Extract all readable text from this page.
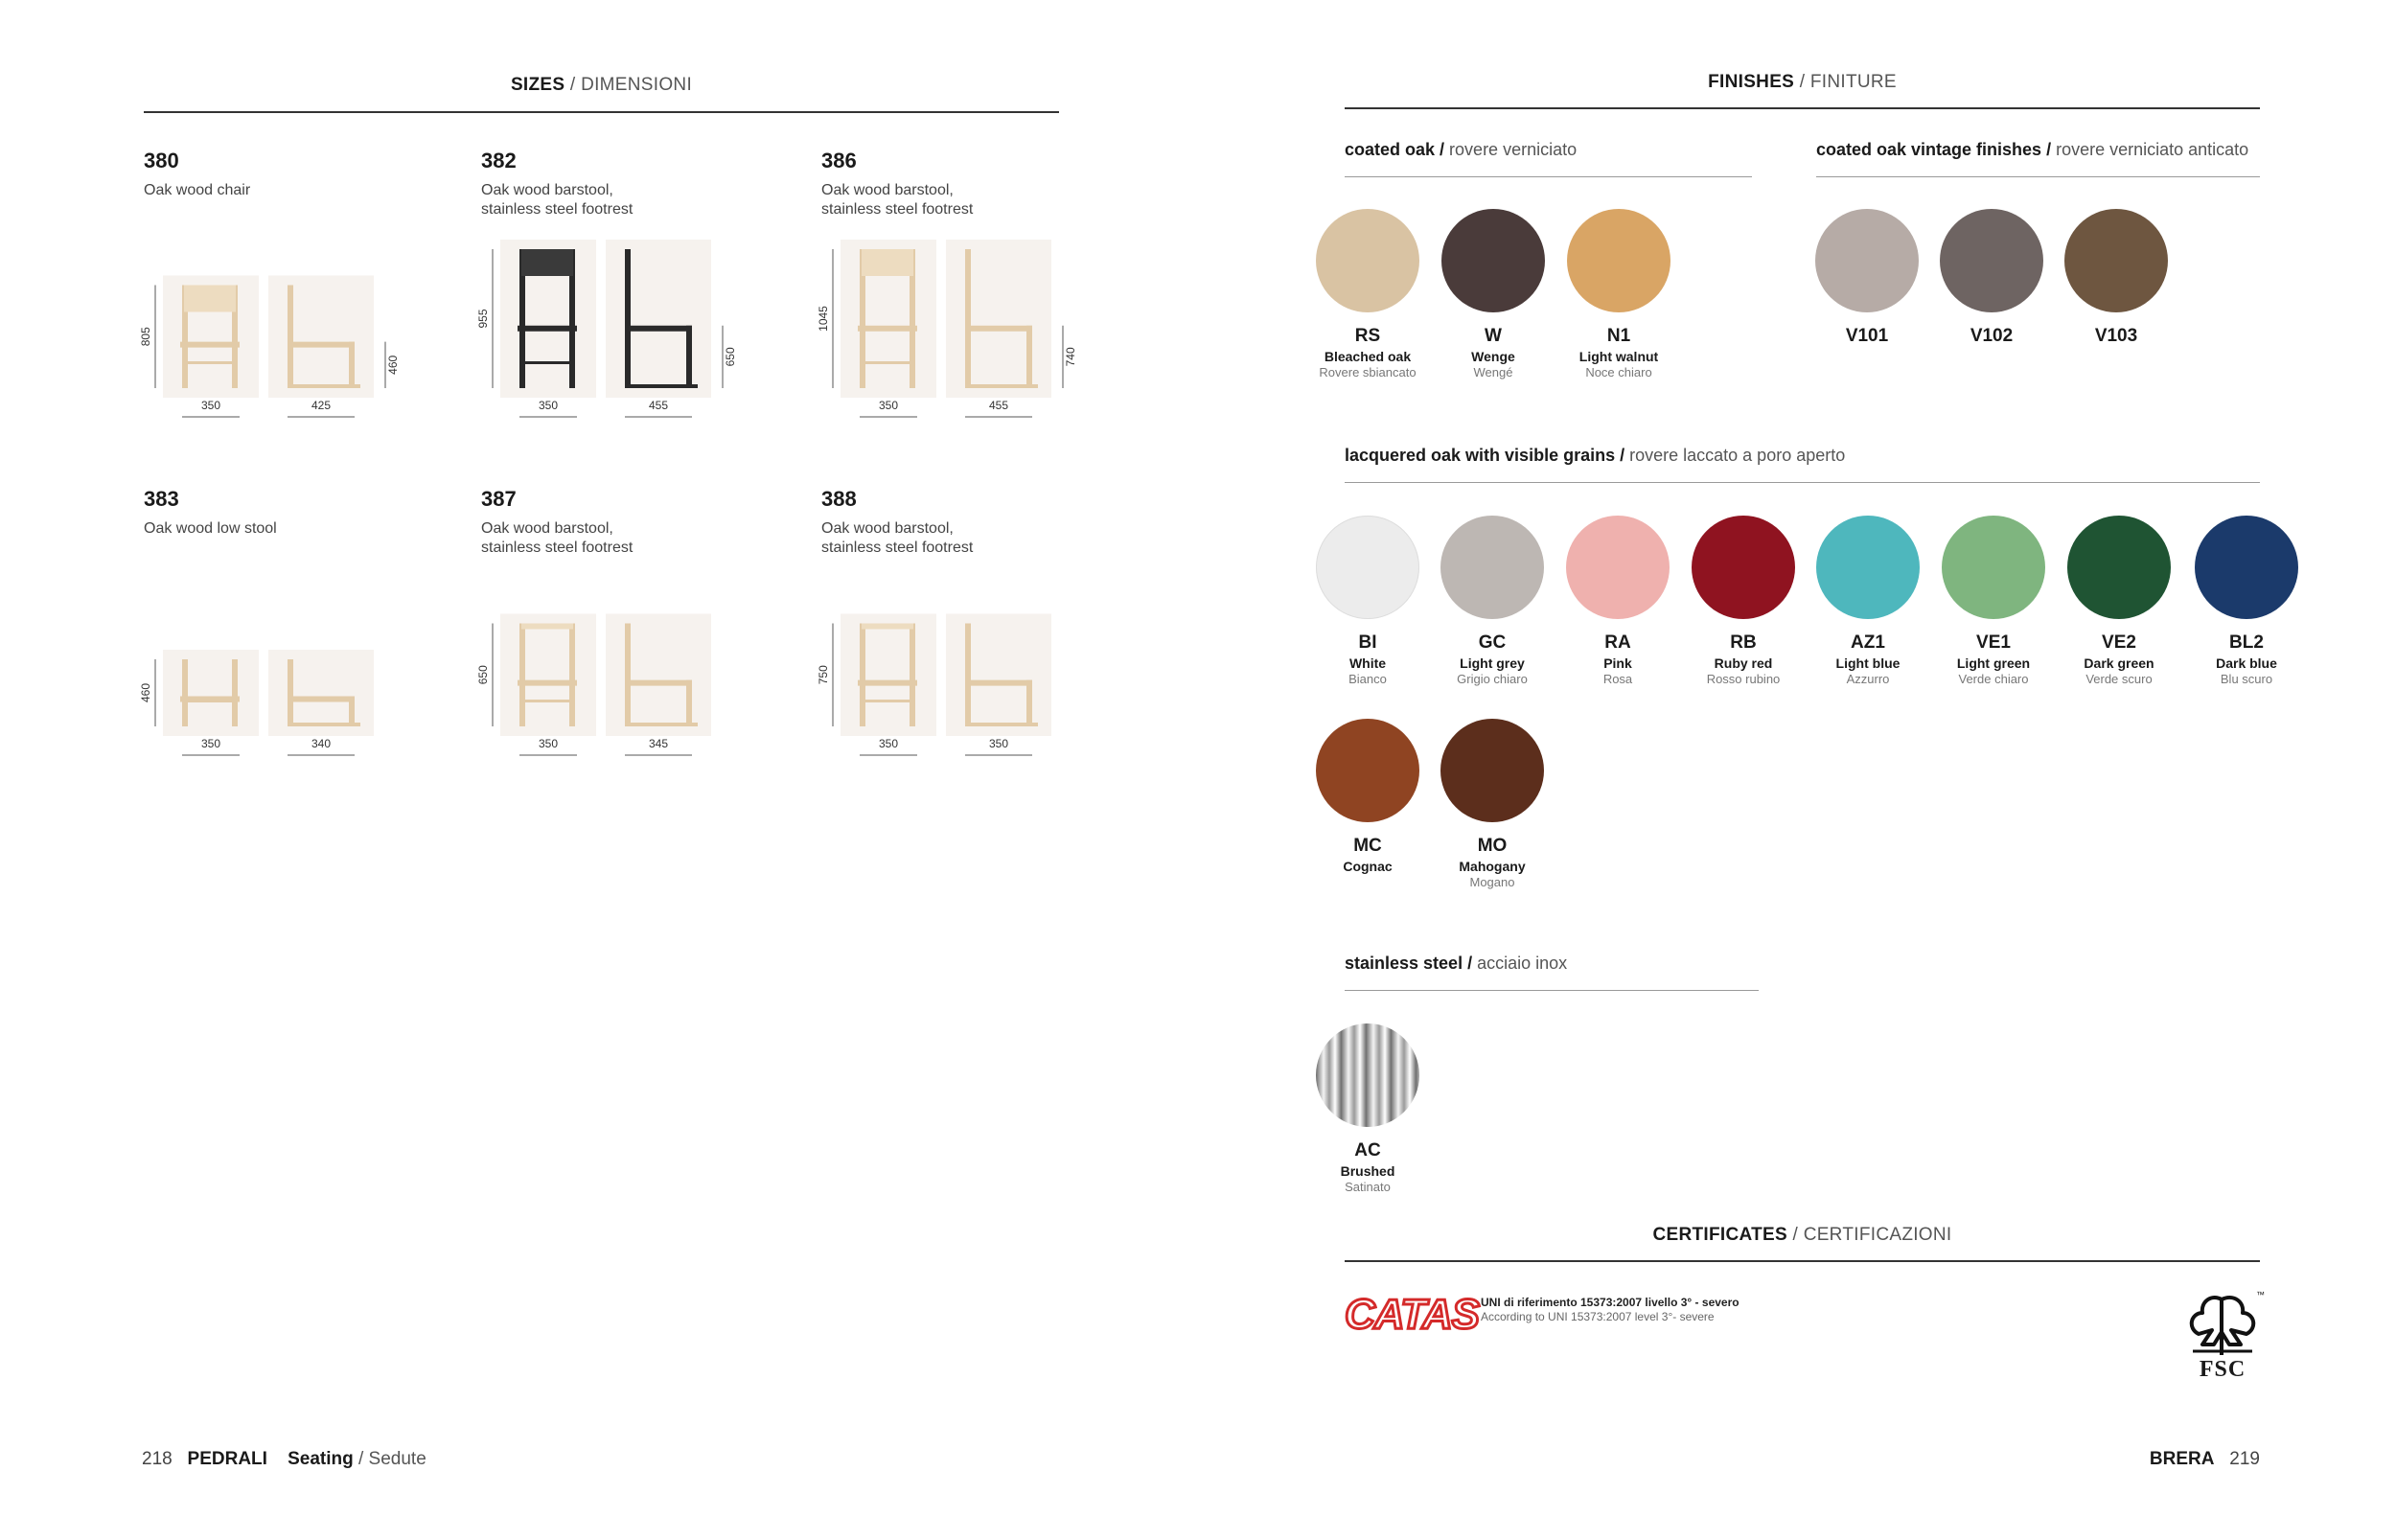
SIZES / DIMENSIONI
380
Oak wood chair
805
460
350	425
382
Oak wood barstool,
stainless steel footrest
955
650
350	455
386
Oak wood barstool,
stainless steel footrest
1045
740
350	455
383
Oak wood low stool
460
350	340
387
Oak wood barstool,
stainless steel footrest
650
350	345
388
Oak wood barstool,
stainless steel footrest
750
350	350
FINISHES / FINITURE
coated oak / rovere verniciato	coated oak vintage finishes / rovere verniciato anticato
lacquered oak with visible grains / rovere laccato a poro aperto
stainless steel / acciaio inox
RS
Bleached oak
Rovere sbiancato
W
Wenge
Wengé
N1
Light walnut
Noce chiaro
V101	V102	V103
BI
White
Bianco
GC
Light grey
Grigio chiaro
RA
Pink
Rosa
RB
Ruby red
Rosso rubino
AZ1
Light blue
Azzurro
VE1
Light green
Verde chiaro
VE2
Dark green
Verde scuro
BL2
Dark blue
Blu scuro
MC
Cognac
MO
Mahogany
Mogano
AC
Brushed
Satinato
CERTIFICATES / CERTIFICAZIONI
CATAS UNI di riferimento 15373:2007 livello 3° - severo
According to UNI 15373:2007 level 3°- severe
FSC
™
218 PEDRALI Seating / Sedute	BRERA 219
